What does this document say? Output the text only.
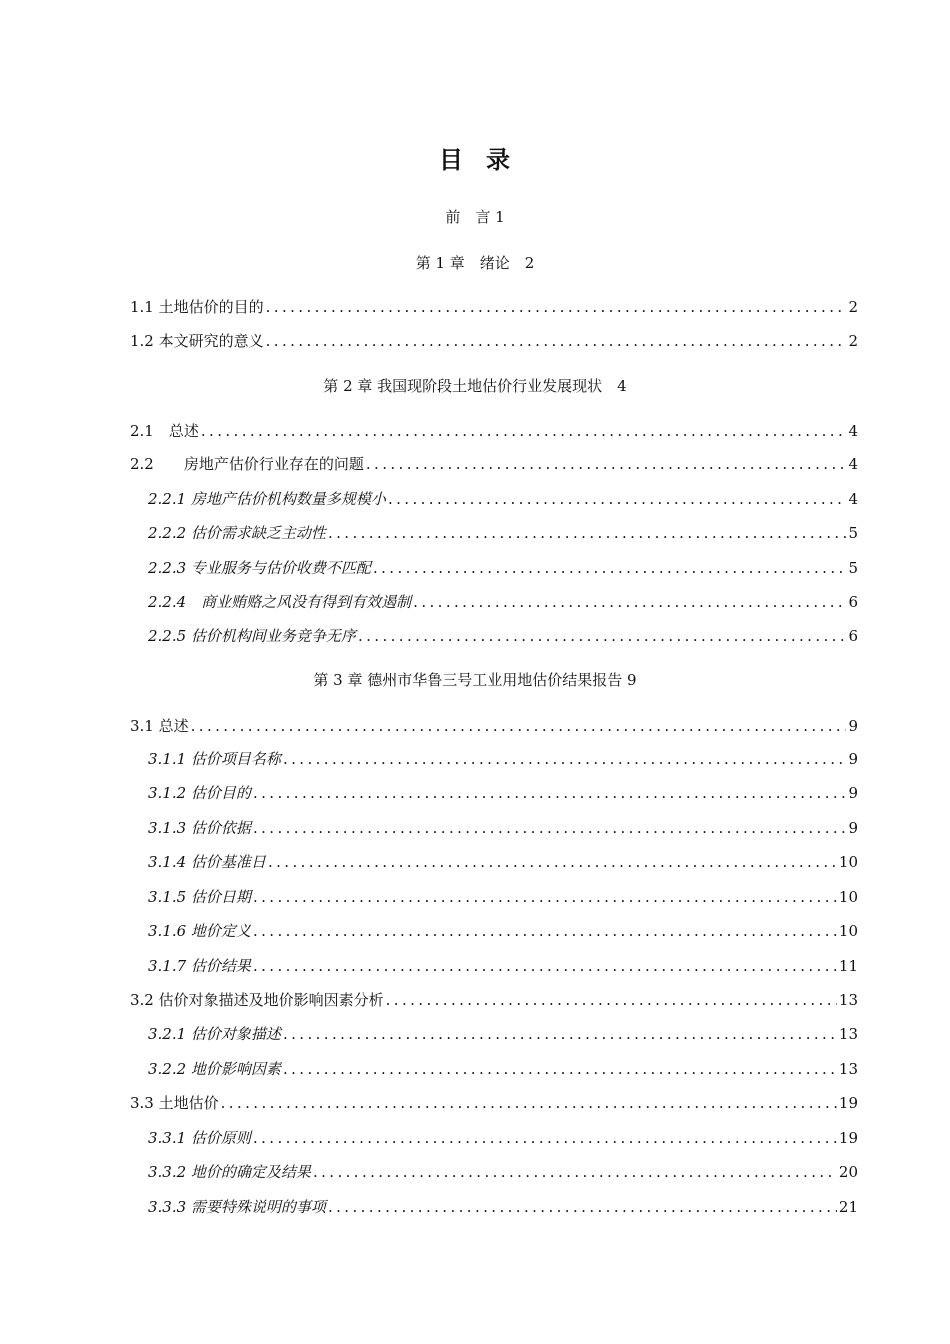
目 录
前　言 1
第 1 章　绪论　2
1.1 土地估价的目的 .....	2
1.2 本文研究的意义 .....	2
第 2 章 我国现阶段土地估价行业发展现状　4
2.1　总述 .....	4
2.2　　房地产估价行业存在的问题 .....	4
2.2.1 房地产估价机构数量多规模小 .....	4
2.2.2 估价需求缺乏主动性 .....	5
2.2.3 专业服务与估价收费不匹配 .....	5
2.2.4　商业贿赂之风没有得到有效遏制 .....	6
2.2.5 估价机构间业务竞争无序 .....	6
第 3 章 德州市华鲁三号工业用地估价结果报告 9
3.1 总述 .....	9
3.1.1 估价项目名称 .....	9
3.1.2 估价目的 .....	9
3.1.3 估价依据 .....	9
3.1.4 估价基准日 .....	10
3.1.5 估价日期 .....	10
3.1.6 地价定义 .....	10
3.1.7 估价结果 .....	11
3.2 估价对象描述及地价影响因素分析 .....	13
3.2.1 估价对象描述 .....	13
3.2.2 地价影响因素 .....	13
3.3 土地估价 .....	19
3.3.1 估价原则 .....	19
3.3.2 地价的确定及结果 .....	20
3.3.3 需要特殊说明的事项 .....	21
